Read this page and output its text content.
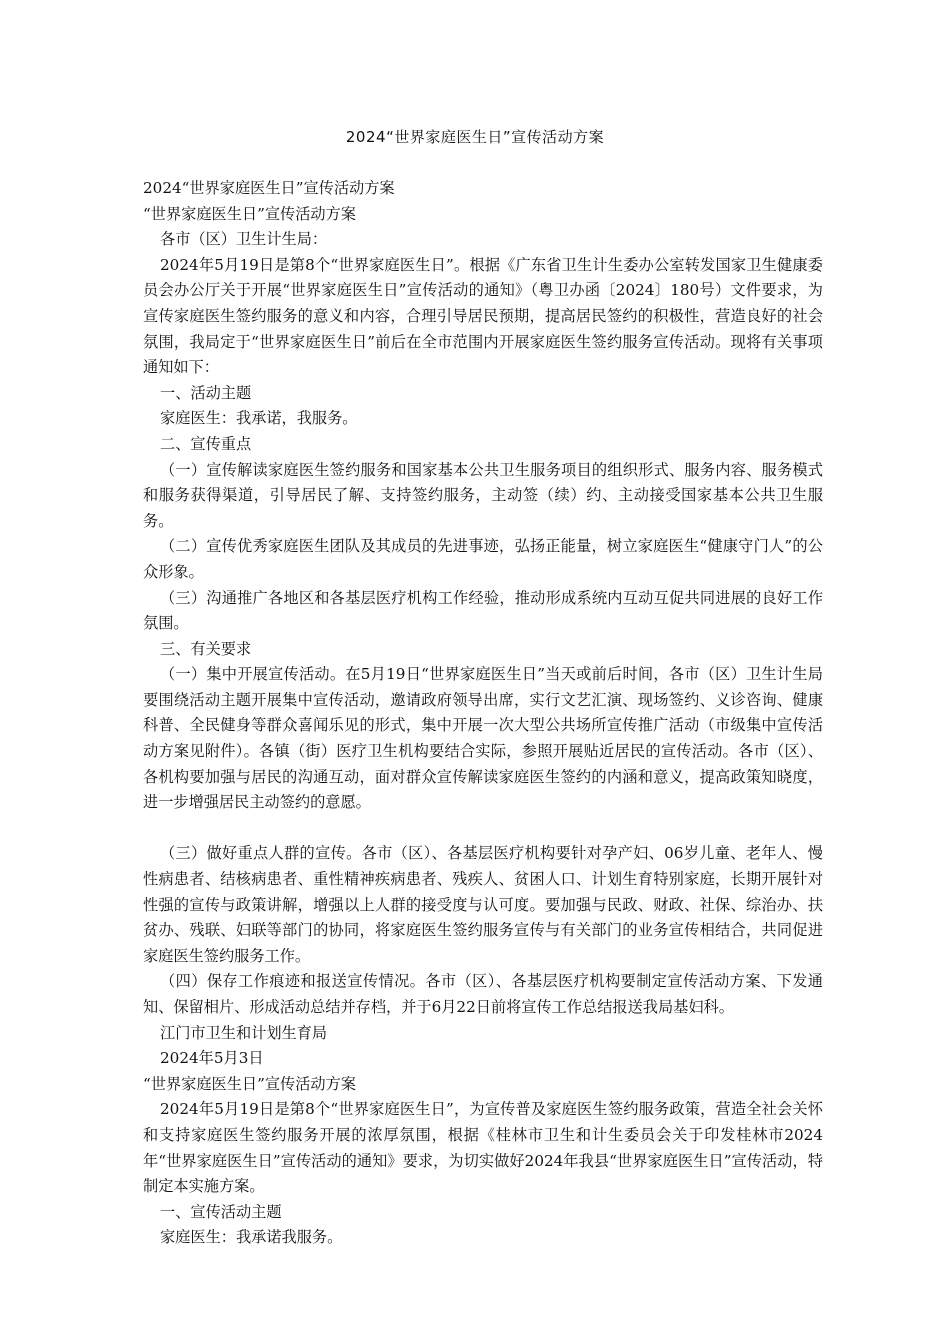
2024“世界家庭医生日”宣传活动方案

2024“世界家庭医生日”宣传活动方案

“世界家庭医生日”宣传活动方案

各市（区）卫生计生局：

2024年5月19日是第8个“世界家庭医生日”。根据《广东省卫生计生委办公室转发国家卫生健康委员会办公厅关于开展“世界家庭医生日”宣传活动的通知》（粤卫办函〔2024〕180号）文件要求，为宣传家庭医生签约服务的意义和内容，合理引导居民预期，提高居民签约的积极性，营造良好的社会氛围，我局定于“世界家庭医生日”前后在全市范围内开展家庭医生签约服务宣传活动。现将有关事项通知如下：

一、活动主题

家庭医生：我承诺，我服务。

二、宣传重点

（一）宣传解读家庭医生签约服务和国家基本公共卫生服务项目的组织形式、服务内容、服务模式和服务获得渠道，引导居民了解、支持签约服务，主动签（续）约、主动接受国家基本公共卫生服务。

（二）宣传优秀家庭医生团队及其成员的先进事迹，弘扬正能量，树立家庭医生“健康守门人”的公众形象。

（三）沟通推广各地区和各基层医疗机构工作经验，推动形成系统内互动互促共同进展的良好工作氛围。

三、有关要求

（一）集中开展宣传活动。在5月19日“世界家庭医生日”当天或前后时间，各市（区）卫生计生局要围绕活动主题开展集中宣传活动，邀请政府领导出席，实行文艺汇演、现场签约、义诊咨询、健康科普、全民健身等群众喜闻乐见的形式，集中开展一次大型公共场所宣传推广活动（市级集中宣传活动方案见附件）。各镇（街）医疗卫生机构要结合实际，参照开展贴近居民的宣传活动。各市（区）、各机构要加强与居民的沟通互动，面对群众宣传解读家庭医生签约的内涵和意义，提高政策知晓度，进一步增强居民主动签约的意愿。

（三）做好重点人群的宣传。各市（区）、各基层医疗机构要针对孕产妇、06岁儿童、老年人、慢性病患者、结核病患者、重性精神疾病患者、残疾人、贫困人口、计划生育特别家庭，长期开展针对性强的宣传与政策讲解，增强以上人群的接受度与认可度。要加强与民政、财政、社保、综治办、扶贫办、残联、妇联等部门的协同，将家庭医生签约服务宣传与有关部门的业务宣传相结合，共同促进家庭医生签约服务工作。

（四）保存工作痕迹和报送宣传情况。各市（区）、各基层医疗机构要制定宣传活动方案、下发通知、保留相片、形成活动总结并存档，并于6月22日前将宣传工作总结报送我局基妇科。

江门市卫生和计划生育局

2024年5月3日

“世界家庭医生日”宣传活动方案

2024年5月19日是第8个“世界家庭医生日”，为宣传普及家庭医生签约服务政策，营造全社会关怀和支持家庭医生签约服务开展的浓厚氛围，根据《桂林市卫生和计生委员会关于印发桂林市2024年“世界家庭医生日”宣传活动的通知》要求，为切实做好2024年我县“世界家庭医生日”宣传活动，特制定本实施方案。

一、宣传活动主题

家庭医生：我承诺我服务。
